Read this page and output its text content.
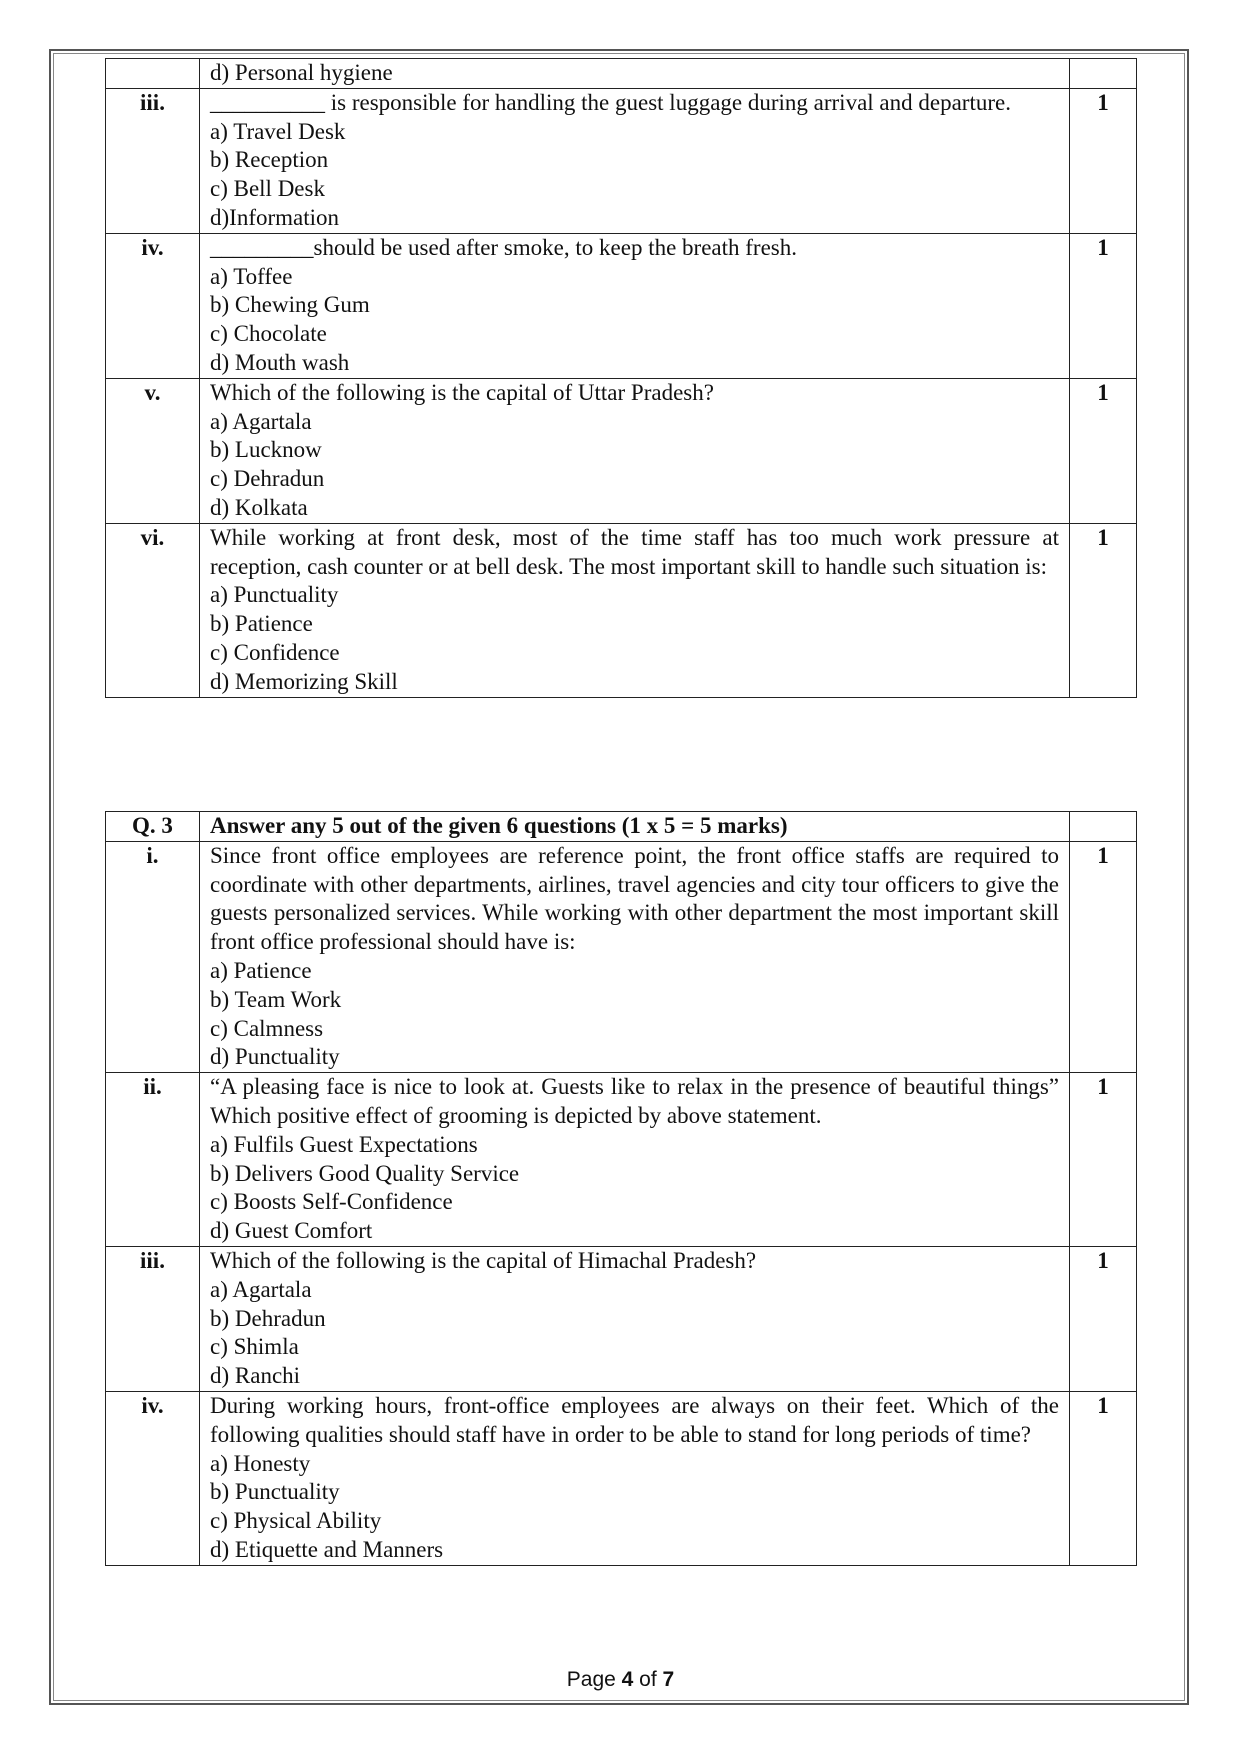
	d) Personal hygiene	
iii.	__________ is responsible for handling the guest luggage during arrival and departure.
a) Travel Desk
b) Reception
c) Bell Desk
d)Information	1
iv.	_________should be used after smoke, to keep the breath fresh.
a) Toffee
b) Chewing Gum
c) Chocolate
d) Mouth wash	1
v.	Which of the following is the capital of Uttar Pradesh?
a) Agartala
b) Lucknow
c) Dehradun
d) Kolkata	1
vi.	While working at front desk, most of the time staff has too much work pressure at reception, cash counter or at bell desk. The most important skill to handle such situation is:
a) Punctuality
b) Patience
c) Confidence
d) Memorizing Skill	1
Q. 3	Answer any 5 out of the given 6 questions (1 x 5 = 5 marks)	
i.	Since front office employees are reference point, the front office staffs are required to coordinate with other departments, airlines, travel agencies and city tour officers to give the guests personalized services. While working with other department the most important skill front office professional should have is:
a) Patience
b) Team Work
c) Calmness
d) Punctuality	1
ii.	“A pleasing face is nice to look at. Guests like to relax in the presence of beautiful things” Which positive effect of grooming is depicted by above statement.
a) Fulfils Guest Expectations
b) Delivers Good Quality Service
c) Boosts Self-Confidence
d) Guest Comfort	1
iii.	Which of the following is the capital of Himachal Pradesh?
a) Agartala
b) Dehradun
c) Shimla
d) Ranchi	1
iv.	During working hours, front-office employees are always on their feet. Which of the following qualities should staff have in order to be able to stand for long periods of time?
a) Honesty
b) Punctuality
c) Physical Ability
d) Etiquette and Manners	1
Page 4 of 7
